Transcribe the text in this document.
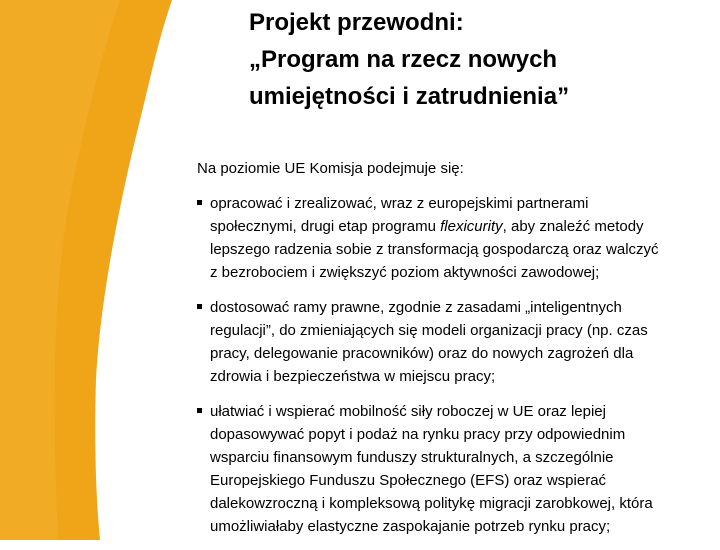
Projekt przewodni:
„Program na rzecz nowych
umiejętności i zatrudnienia”
Na poziomie UE Komisja podejmuje się:
opracować i zrealizować, wraz z europejskimi partnerami
społecznymi, drugi etap programu flexicurity, aby znaleźć metody
lepszego radzenia sobie z transformacją gospodarczą oraz walczyć
z bezrobociem i zwiększyć poziom aktywności zawodowej;
dostosować ramy prawne, zgodnie z zasadami „inteligentnych
regulacji”, do zmieniających się modeli organizacji pracy (np. czas
pracy, delegowanie pracowników) oraz do nowych zagrożeń dla
zdrowia i bezpieczeństwa w miejscu pracy;
ułatwiać i wspierać mobilność siły roboczej w UE oraz lepiej
dopasowywać popyt i podaż na rynku pracy przy odpowiednim
wsparciu finansowym funduszy strukturalnych, a szczególnie
Europejskiego Funduszu Społecznego (EFS) oraz wspierać
dalekowzroczną i kompleksową politykę migracji zarobkowej, która
umożliwiałaby elastyczne zaspokajanie potrzeb rynku pracy;
